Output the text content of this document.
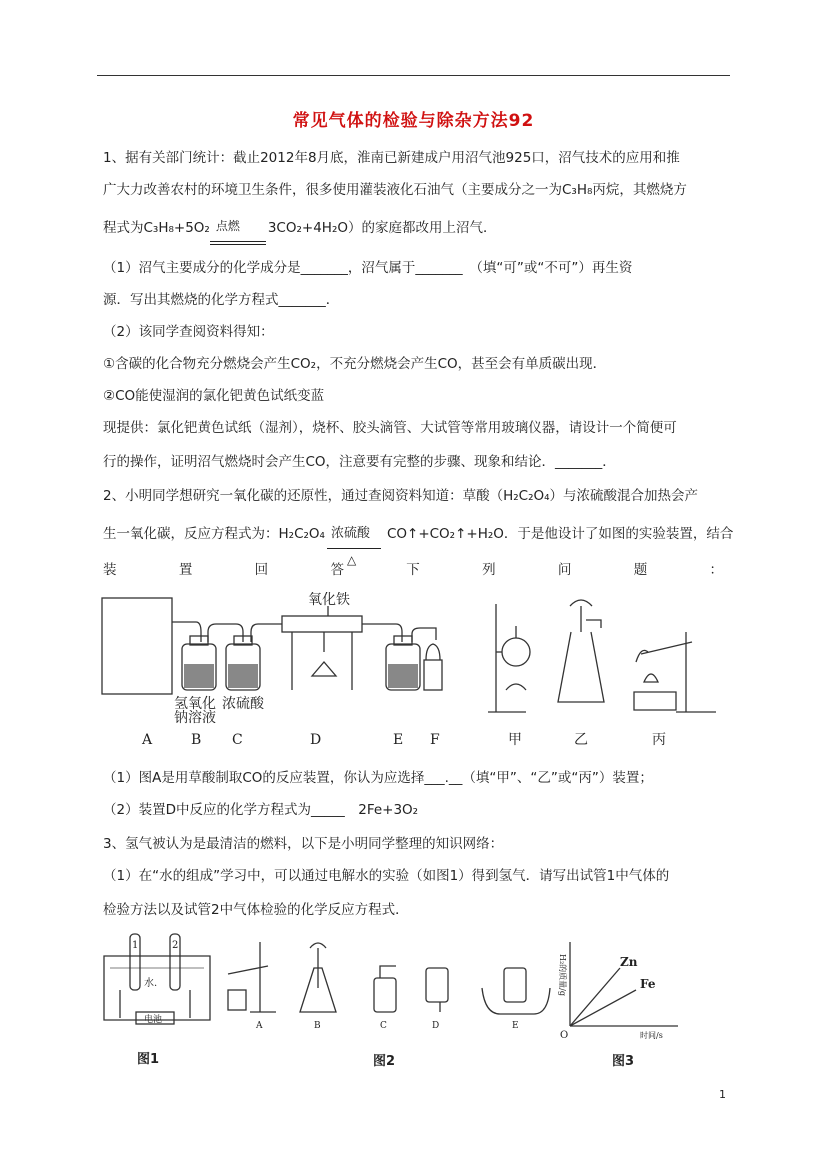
常见气体的检验与除杂方法92
1、据有关部门统计：截止2012年8月底，淮南已新建成户用沼气池925口，沼气技术的应用和推
广大力改善农村的环境卫生条件，很多使用灌装液化石油气（主要成分之一为C₃H₈丙烷，其燃烧方
程式为C₃H₈+5O₂ 点燃 3CO₂+4H₂O）的家庭都改用上沼气．
（1）沼气主要成分的化学成分是_______，沼气属于_______　（填“可”或“不可”）再生资
源．写出其燃烧的化学方程式_______．
（2）该同学查阅资料得知：
①含碳的化合物充分燃烧会产生CO₂，不充分燃烧会产生CO，甚至会有单质碳出现．
②CO能使湿润的氯化钯黄色试纸变蓝
现提供：氯化钯黄色试纸（湿剂），烧杯、胶头滴管、大试管等常用玻璃仪器，请设计一个简便可
行的操作，证明沼气燃烧时会产生CO，注意要有完整的步骤、现象和结论．_______．
2、小明同学想研究一氧化碳的还原性，通过查阅资料知道：草酸（H₂C₂O₄）与浓硫酸混合加热会产
生一氧化碳，反应方程式为：H₂C₂O₄ 浓硫酸
△
CO↑+CO₂↑+H₂O．于是他设计了如图的实验装置，结合
装	置	回	答	下	列	问	题	：
氧化铁
氢氧化
钠溶液
浓硫酸
A	B C	D	E F	甲	乙	丙
（1）图A是用草酸制取CO的反应装置，你认为应选择___.__（填“甲”、“乙”或“丙”）装置；
（2）装置D中反应的化学方程式为_____　2Fe+3O₂
3、氢气被认为是最清洁的燃料，以下是小明同学整理的知识网络：
（1）在“水的组成”学习中，可以通过电解水的实验（如图1）得到氢气．请写出试管1中气体的
检验方法以及试管2中气体检验的化学反应方程式．
水.
电池
1	2
A	B	C	D	E
H₂的质量/g
时间/s
O
Zn
Fe
图1	图2	图3
1
